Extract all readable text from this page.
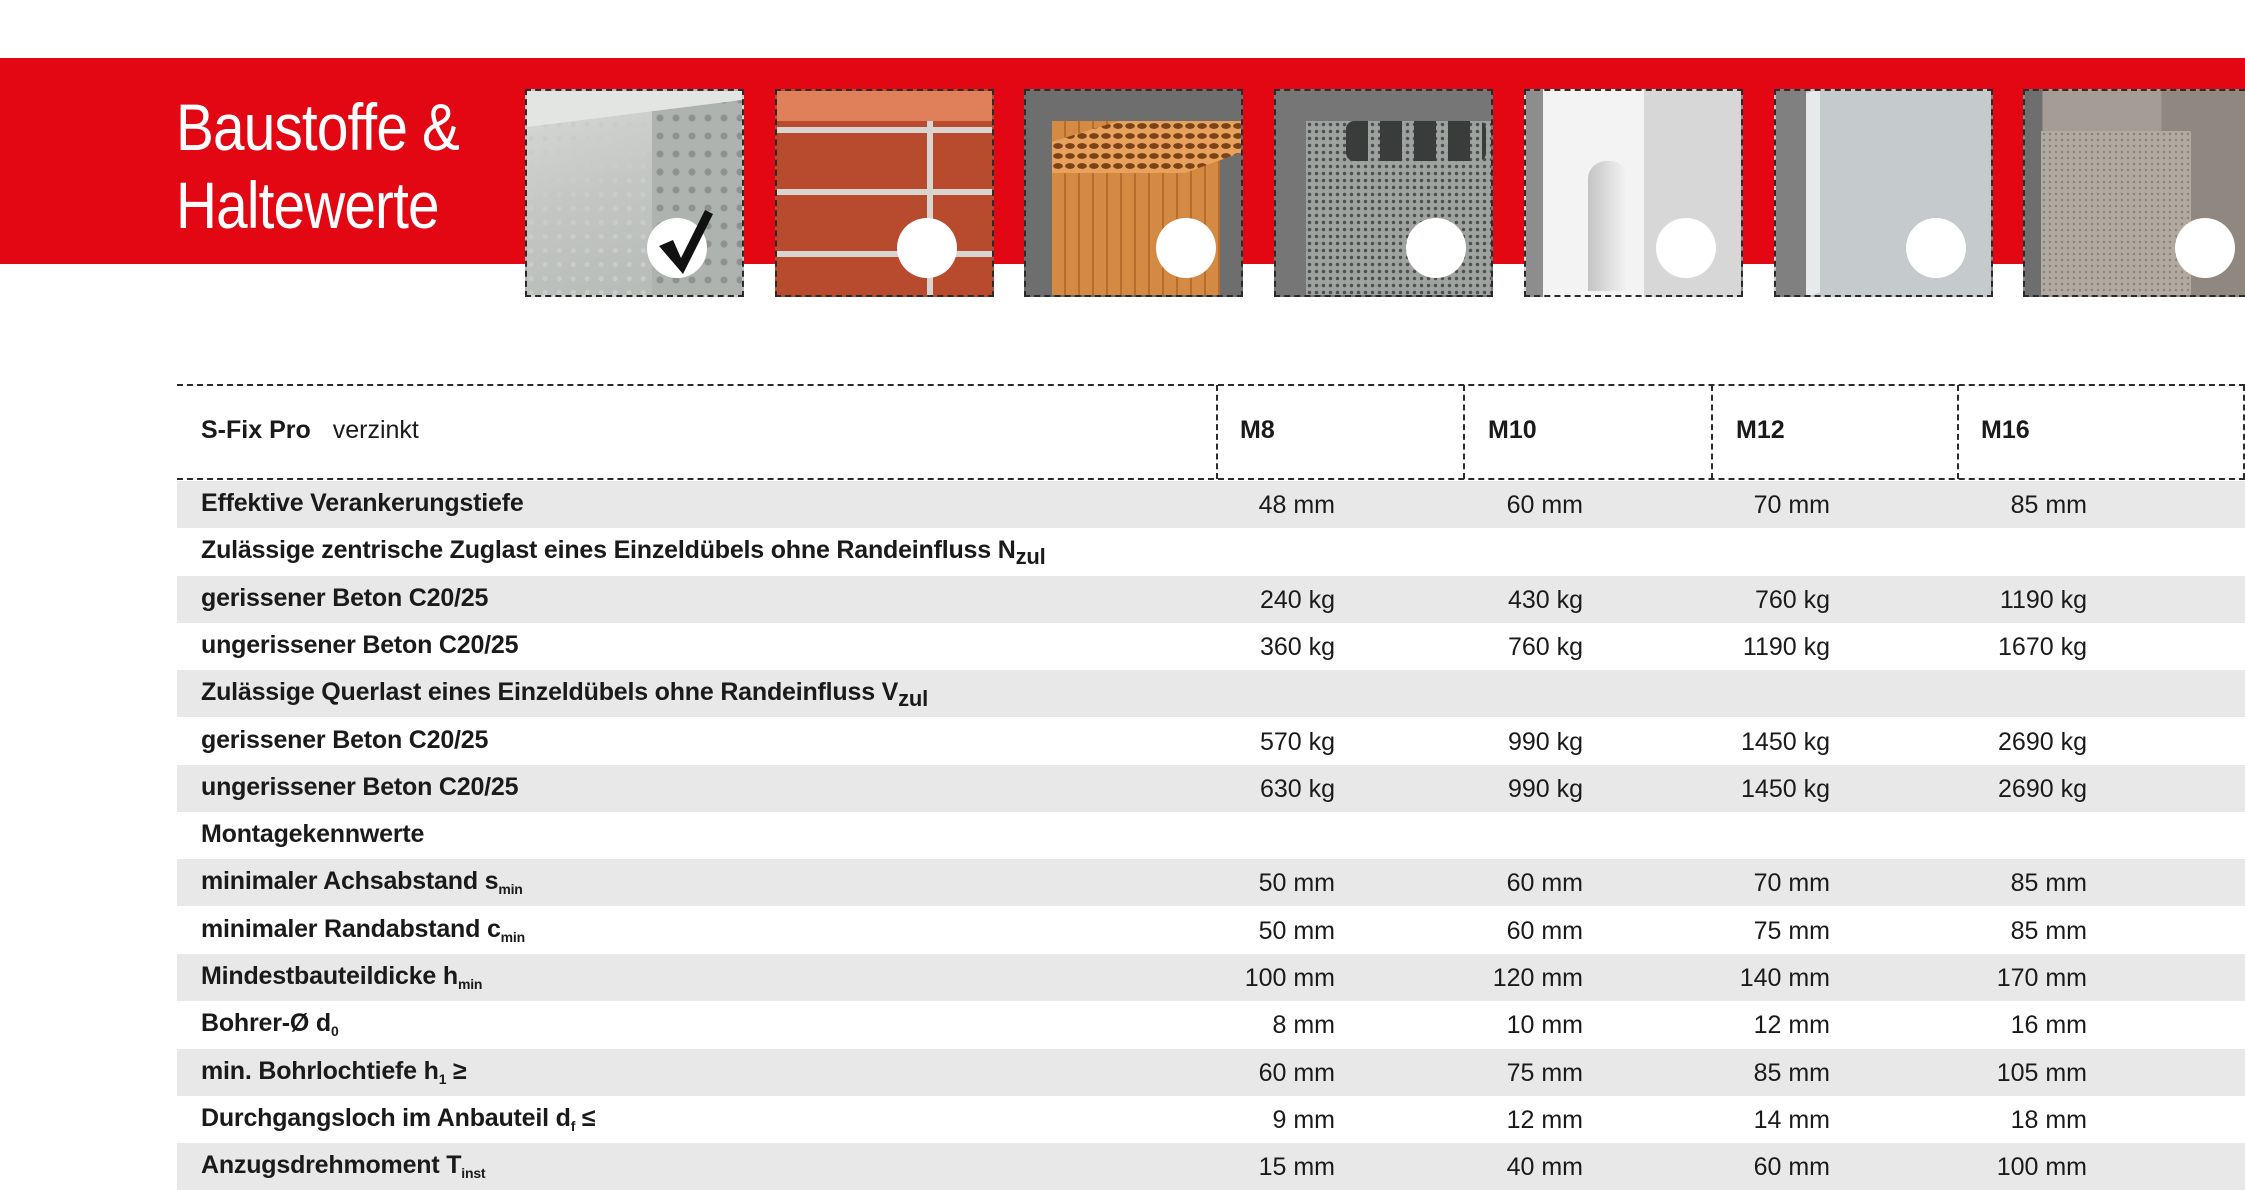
Baustoffe &
Haltewerte
S-Fix Pro verzinkt	M8	M10	M12	M16
Effektive Verankerungstiefe	48 mm	60 mm	70 mm	85 mm
Zulässige zentrische Zuglast eines Einzeldübels ohne Randeinfluss $N_{zul}$
gerissener Beton C20/25	240 kg	430 kg	760 kg	1190 kg
ungerissener Beton C20/25	360 kg	760 kg	1190 kg	1670 kg
Zulässige Querlast eines Einzeldübels ohne Randeinfluss $V_{zul}$
gerissener Beton C20/25	570 kg	990 kg	1450 kg	2690 kg
ungerissener Beton C20/25	630 kg	990 kg	1450 kg	2690 kg
Montagekennwerte
minimaler Achsabstand $s_{min}$	50 mm	60 mm	70 mm	85 mm
minimaler Randabstand $c_{min}$	50 mm	60 mm	75 mm	85 mm
Mindestbauteildicke $h_{min}$	100 mm	120 mm	140 mm	170 mm
Bohrer-Ø $d_0$	8 mm	10 mm	12 mm	16 mm
min. Bohrlochtiefe $h_1$ ≥	60 mm	75 mm	85 mm	105 mm
Durchgangsloch im Anbauteil $d_f$ ≤	9 mm	12 mm	14 mm	18 mm
Anzugsdrehmoment $T_{inst}$	15 mm	40 mm	60 mm	100 mm
